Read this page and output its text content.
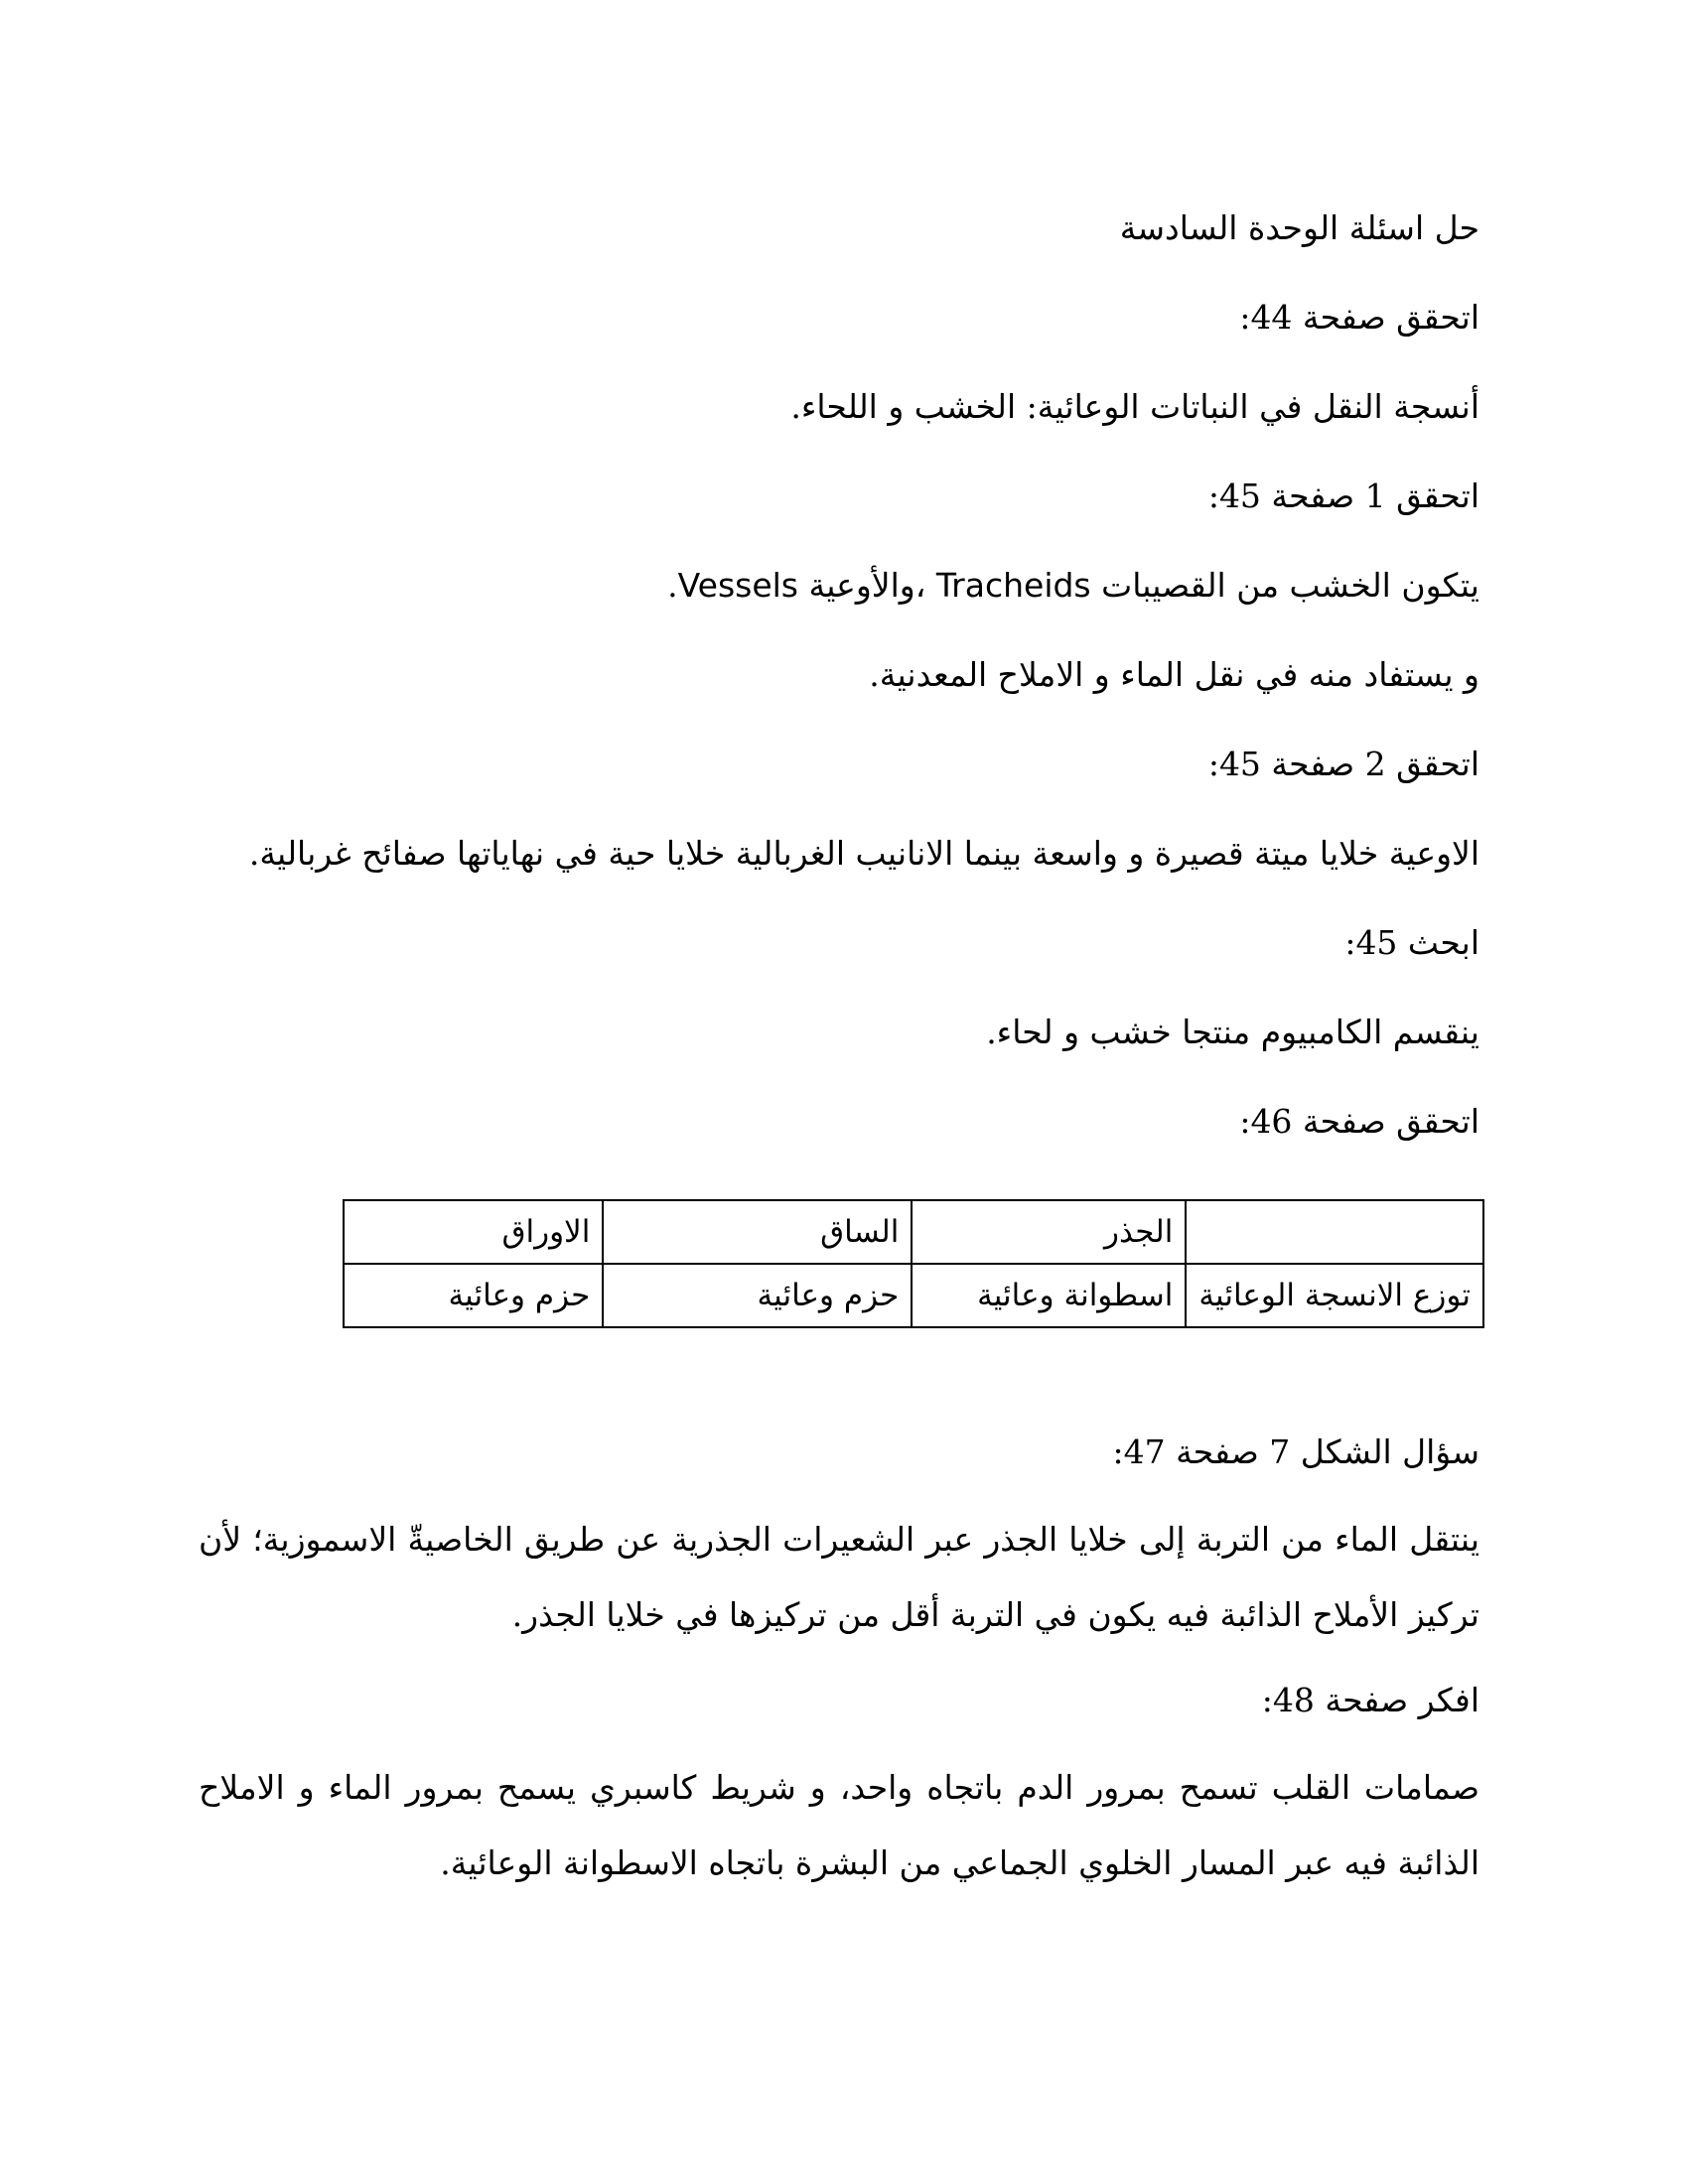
حل اسئلة الوحدة السادسة
اتحقق صفحة 44:
أنسجة النقل في النباتات الوعائية: الخشب و اللحاء.
اتحقق 1 صفحة 45:
يتكون الخشب من القصيبات Tracheids ،والأوعية Vessels.
و يستفاد منه في نقل الماء و الاملاح المعدنية.
اتحقق 2 صفحة 45:
الاوعية خلايا ميتة قصيرة و واسعة بينما الانانيب الغربالية خلايا حية في نهاياتها صفائح غربالية.
ابحث 45:
ينقسم الكامبيوم منتجا خشب و لحاء.
اتحقق صفحة 46:
	الجذر	الساق	الاوراق
توزع الانسجة الوعائية	اسطوانة وعائية	حزم وعائية	حزم وعائية
سؤال الشكل 7 صفحة 47:
ينتقل الماء من التربة إلى خلايا الجذر عبر الشعيرات الجذرية عن طريق الخاصيةّ الاسموزية؛ لأن تركيز الأملاح الذائبة فيه يكون في التربة أقل من تركيزها في خلايا الجذر.
افكر صفحة 48:
صمامات القلب تسمح بمرور الدم باتجاه واحد، و شريط كاسبري يسمح بمرور الماء و الاملاح الذائبة فيه عبر المسار الخلوي الجماعي من البشرة باتجاه الاسطوانة الوعائية.
